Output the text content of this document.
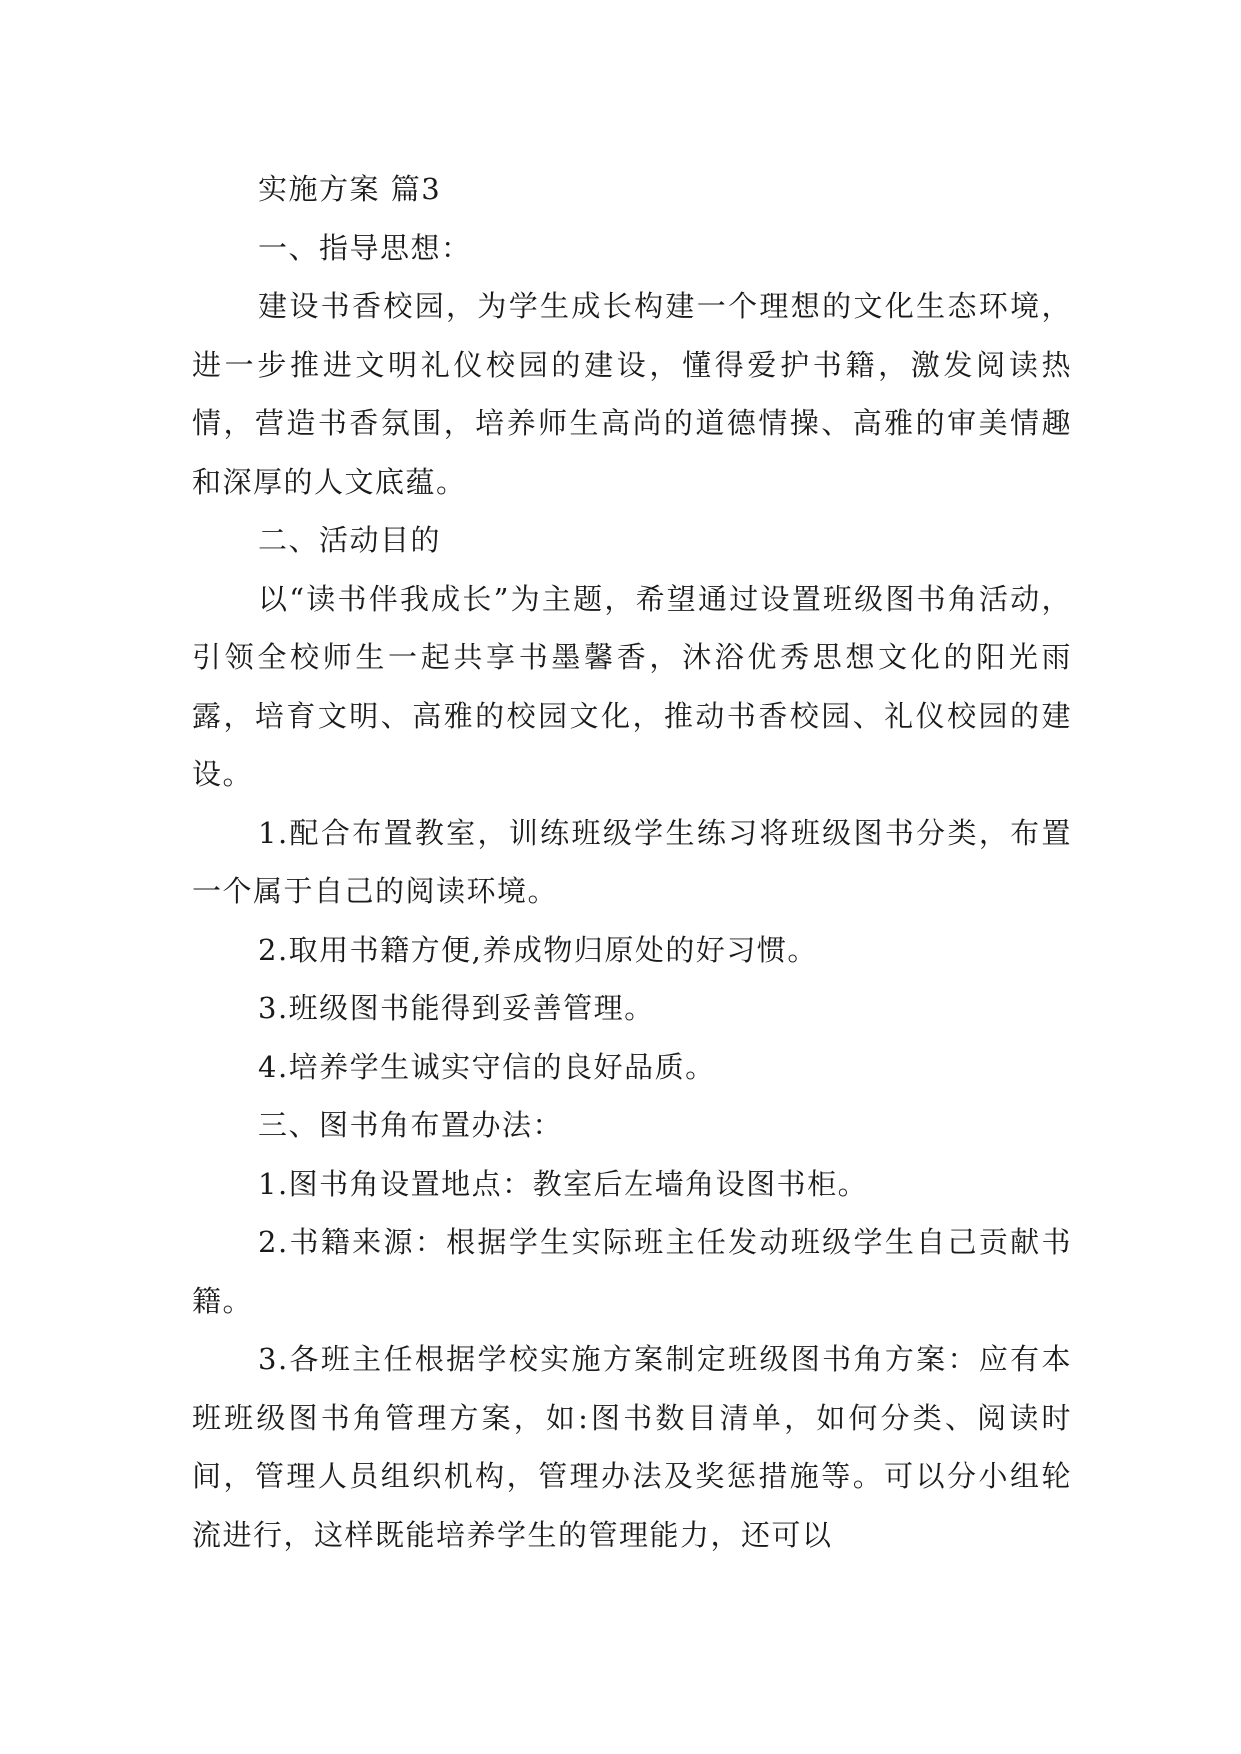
实施方案 篇3

一、指导思想：

建设书香校园，为学生成长构建一个理想的文化生态环境，进一步推进文明礼仪校园的建设，懂得爱护书籍，激发阅读热情，营造书香氛围，培养师生高尚的道德情操、高雅的审美情趣和深厚的人文底蕴。

二、活动目的

以“读书伴我成长”为主题，希望通过设置班级图书角活动，引领全校师生一起共享书墨馨香，沐浴优秀思想文化的阳光雨露，培育文明、高雅的校园文化，推动书香校园、礼仪校园的建设。

1.配合布置教室，训练班级学生练习将班级图书分类，布置一个属于自己的阅读环境。

2.取用书籍方便,养成物归原处的好习惯。

3.班级图书能得到妥善管理。

4.培养学生诚实守信的良好品质。

三、图书角布置办法：

1.图书角设置地点：教室后左墙角设图书柜。

2.书籍来源：根据学生实际班主任发动班级学生自己贡献书籍。

3.各班主任根据学校实施方案制定班级图书角方案：应有本班班级图书角管理方案，如:图书数目清单，如何分类、阅读时间，管理人员组织机构，管理办法及奖惩措施等。可以分小组轮流进行，这样既能培养学生的管理能力，还可以
